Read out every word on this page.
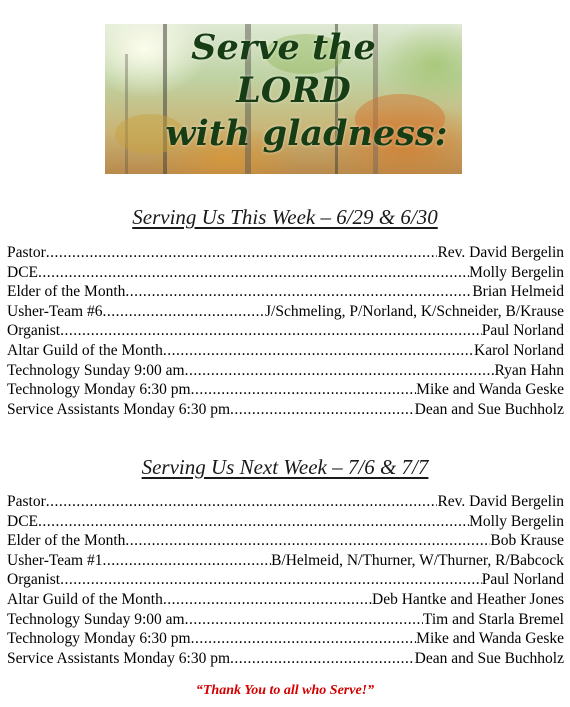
Serve the
LORD
with gladness:
Serving Us This Week – 6/29 & 6/30
Pastor .....	Rev. David Bergelin
DCE .....	Molly Bergelin
Elder of the Month .....	Brian Helmeid
Usher-Team #6 .....	J/Schmeling, P/Norland, K/Schneider, B/Krause
Organist .....	Paul Norland
Altar Guild of the Month .....	Karol Norland
Technology Sunday 9:00 am .....	Ryan Hahn
Technology Monday 6:30 pm .....	Mike and Wanda Geske
Service Assistants Monday 6:30 pm .....	Dean and Sue Buchholz
Serving Us Next Week – 7/6 & 7/7
Pastor .....	Rev. David Bergelin
DCE .....	Molly Bergelin
Elder of the Month .....	Bob Krause
Usher-Team #1 .....	B/Helmeid, N/Thurner, W/Thurner, R/Babcock
Organist .....	Paul Norland
Altar Guild of the Month .....	Deb Hantke and Heather Jones
Technology Sunday 9:00 am .....	Tim and Starla Bremel
Technology Monday 6:30 pm .....	Mike and Wanda Geske
Service Assistants Monday 6:30 pm .....	Dean and Sue Buchholz
“Thank You to all who Serve!”
